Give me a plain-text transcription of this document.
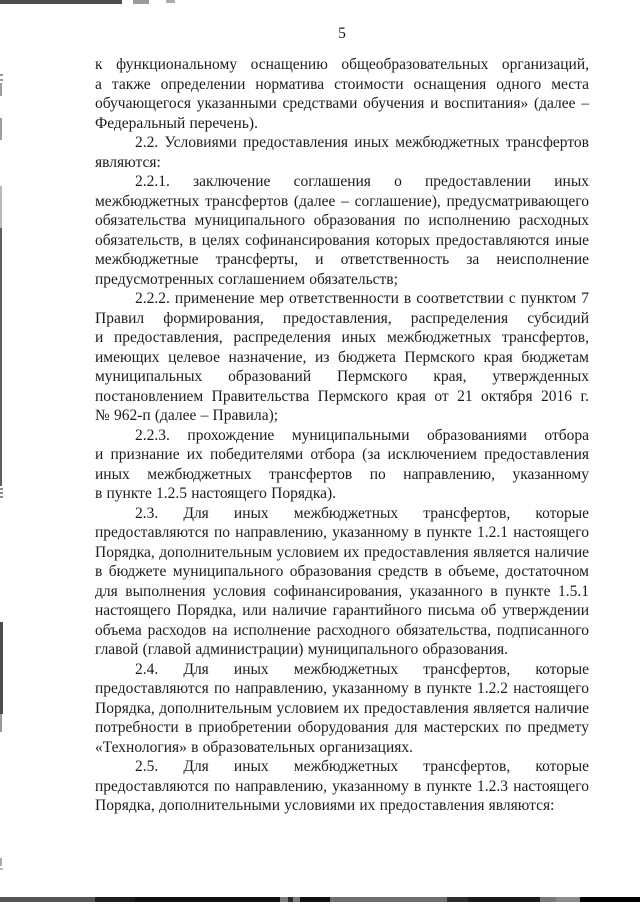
5
к функциональному оснащению общеобразовательных организаций,
а также определении норматива стоимости оснащения одного места
обучающегося указанными средствами обучения и воспитания» (далее –
Федеральный перечень).
2.2. Условиями предоставления иных межбюджетных трансфертов
являются:
2.2.1. заключение соглашения о предоставлении иных
межбюджетных трансфертов (далее – соглашение), предусматривающего
обязательства муниципального образования по исполнению расходных
обязательств, в целях софинансирования которых предоставляются иные
межбюджетные трансферты, и ответственность за неисполнение
предусмотренных соглашением обязательств;
2.2.2. применение мер ответственности в соответствии с пунктом 7
Правил формирования, предоставления, распределения субсидий
и предоставления, распределения иных межбюджетных трансфертов,
имеющих целевое назначение, из бюджета Пермского края бюджетам
муниципальных образований Пермского края, утвержденных
постановлением Правительства Пермского края от 21 октября 2016 г.
№ 962-п (далее – Правила);
2.2.3. прохождение муниципальными образованиями отбора
и признание их победителями отбора (за исключением предоставления
иных межбюджетных трансфертов по направлению, указанному
в пункте 1.2.5 настоящего Порядка).
2.3. Для иных межбюджетных трансфертов, которые
предоставляются по направлению, указанному в пункте 1.2.1 настоящего
Порядка, дополнительным условием их предоставления является наличие
в бюджете муниципального образования средств в объеме, достаточном
для выполнения условия софинансирования, указанного в пункте 1.5.1
настоящего Порядка, или наличие гарантийного письма об утверждении
объема расходов на исполнение расходного обязательства, подписанного
главой (главой администрации) муниципального образования.
2.4. Для иных межбюджетных трансфертов, которые
предоставляются по направлению, указанному в пункте 1.2.2 настоящего
Порядка, дополнительным условием их предоставления является наличие
потребности в приобретении оборудования для мастерских по предмету
«Технология» в образовательных организациях.
2.5. Для иных межбюджетных трансфертов, которые
предоставляются по направлению, указанному в пункте 1.2.3 настоящего
Порядка, дополнительными условиями их предоставления являются:
